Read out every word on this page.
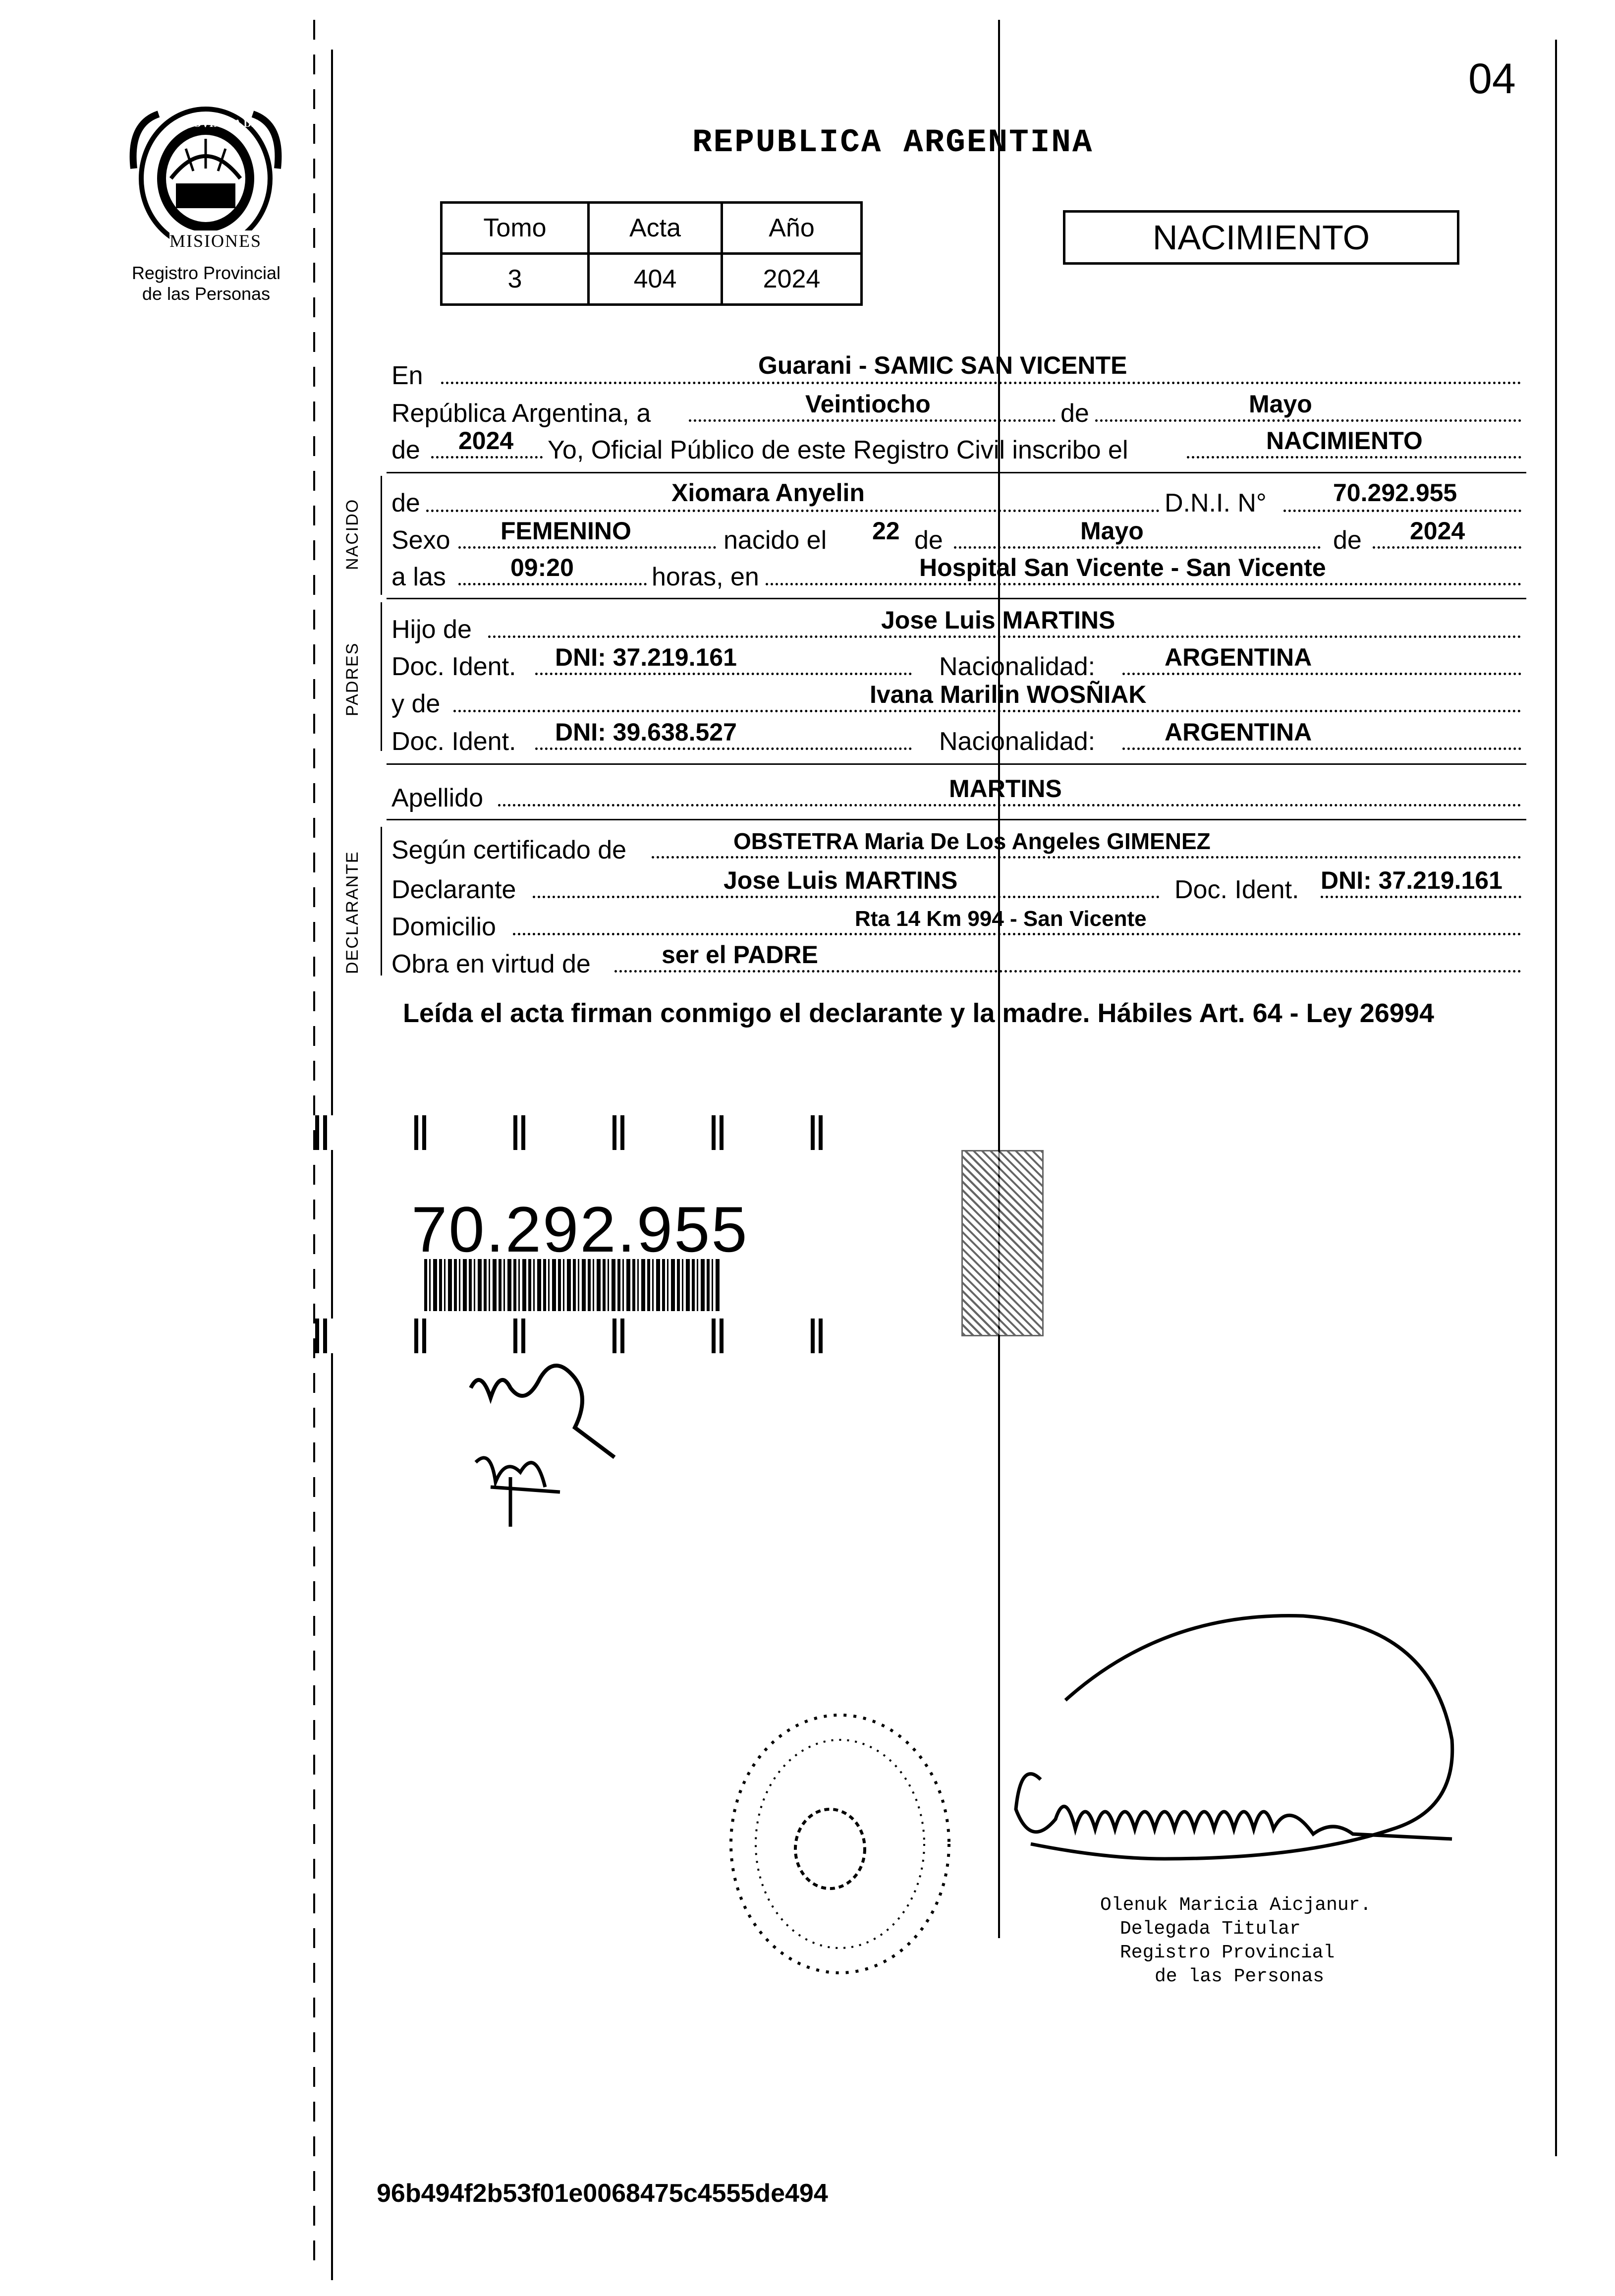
04
REPUBLICA ARGENTINA
PROVINCIA DE
MISIONES
Registro Provincial
de las Personas
Tomo	Acta	Año
3	404	2024
NACIMIENTO
En	Guarani - SAMIC SAN VICENTE
República Argentina, a	Veintiocho	de	Mayo
de 2024 Yo, Oficial Público de este Registro Civil inscribo el	NACIMIENTO
NACIDO de	Xiomara Anyelin	D.N.I. N°	70.292.955
Sexo FEMENINO	nacido el 22 de	Mayo	de 2024
a las	09:20	horas, en	Hospital San Vicente - San Vicente
PADRES
Hijo de	Jose Luis MARTINS
Doc. Ident. DNI: 37.219.161	Nacionalidad:	ARGENTINA
y de	Ivana Marilin WOSÑIAK
Doc. Ident. DNI: 39.638.527	Nacionalidad:	ARGENTINA
Apellido	MARTINS
DECLARANTE
Según certificado de	OBSTETRA Maria De Los Angeles GIMENEZ
Declarante	Jose Luis MARTINS	Doc. Ident. DNI: 37.219.161
Domicilio	Rta 14 Km 994 - San Vicente
Obra en virtud de	ser el PADRE
Leída el acta firman conmigo el declarante y la madre. Hábiles Art. 64 - Ley 26994
70.292.955
Olenuk Maricia Aicjanur.
Delegada Titular
Registro Provincial
de las Personas
96b494f2b53f01e0068475c4555de494
